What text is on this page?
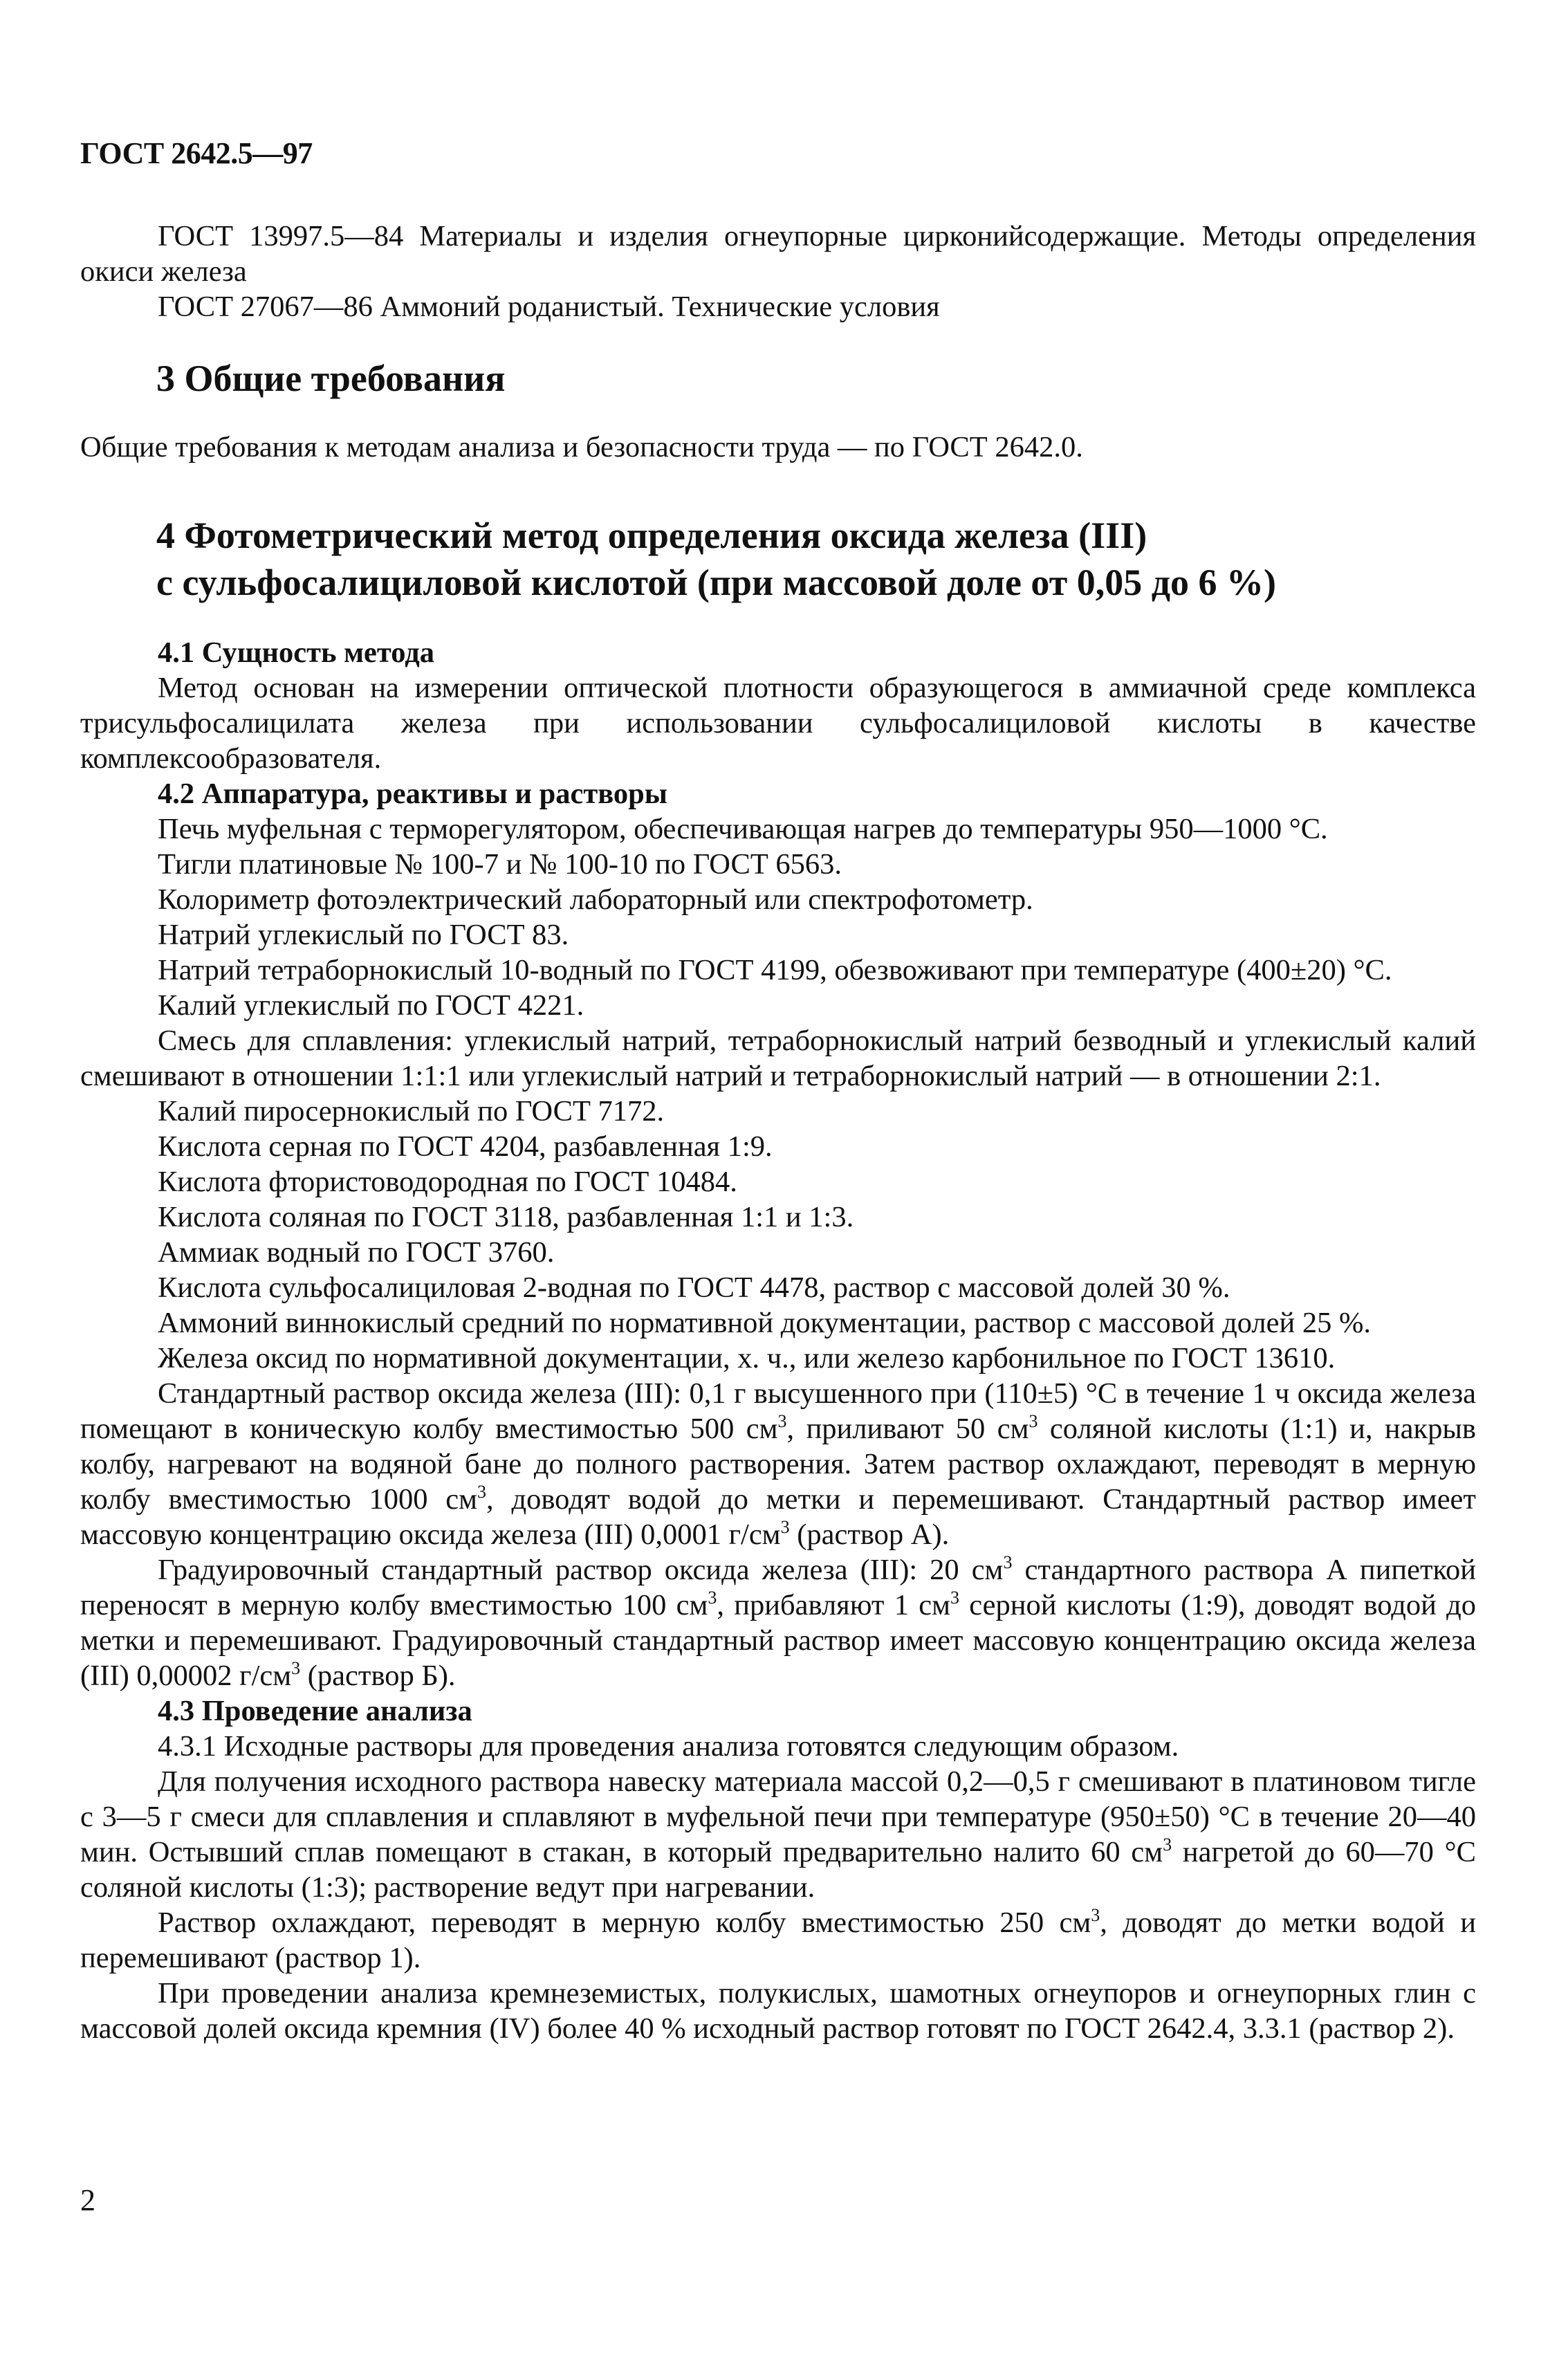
ГОСТ 2642.5—97

ГОСТ 13997.5—84 Материалы и изделия огнеупорные цирконийсодержащие. Методы определения окиси железа

ГОСТ 27067—86 Аммоний роданистый. Технические условия

3 Общие требования

Общие требования к методам анализа и безопасности труда — по ГОСТ 2642.0.

4 Фотометрический метод определения оксида железа (III)
с сульфосалициловой кислотой (при массовой доле от 0,05 до 6 %)

4.1 Сущность метода

Метод основан на измерении оптической плотности образующегося в аммиачной среде комплекса трисульфосалицилата железа при использовании сульфосалициловой кислоты в качестве комплексообразователя.

4.2 Аппаратура, реактивы и растворы

Печь муфельная с терморегулятором, обеспечивающая нагрев до температуры 950—1000 °С.

Тигли платиновые № 100-7 и № 100-10 по ГОСТ 6563.

Колориметр фотоэлектрический лабораторный или спектрофотометр.

Натрий углекислый по ГОСТ 83.

Натрий тетраборнокислый 10-водный по ГОСТ 4199, обезвоживают при температуре (400±20) °С.

Калий углекислый по ГОСТ 4221.

Смесь для сплавления: углекислый натрий, тетраборнокислый натрий безводный и углекислый калий смешивают в отношении 1:1:1 или углекислый натрий и тетраборнокислый натрий — в отношении 2:1.

Калий пиросернокислый по ГОСТ 7172.

Кислота серная по ГОСТ 4204, разбавленная 1:9.

Кислота фтористоводородная по ГОСТ 10484.

Кислота соляная по ГОСТ 3118, разбавленная 1:1 и 1:3.

Аммиак водный по ГОСТ 3760.

Кислота сульфосалициловая 2-водная по ГОСТ 4478, раствор с массовой долей 30 %.

Аммоний виннокислый средний по нормативной документации, раствор с массовой долей 25 %.

Железа оксид по нормативной документации, х. ч., или железо карбонильное по ГОСТ 13610.

Стандартный раствор оксида железа (III): 0,1 г высушенного при (110±5) °С в течение 1 ч оксида железа помещают в коническую колбу вместимостью 500 $см^3$, приливают 50 $см^3$ соляной кислоты (1:1) и, накрыв колбу, нагревают на водяной бане до полного растворения. Затем раствор охлаждают, переводят в мерную колбу вместимостью 1000 $см^3$, доводят водой до метки и перемешивают. Стандартный раствор имеет массовую концентрацию оксида железа (III) 0,0001 $г/см^3$ (раствор А).

Градуировочный стандартный раствор оксида железа (III): 20 $см^3$ стандартного раствора А пипеткой переносят в мерную колбу вместимостью 100 $см^3$, прибавляют 1 $см^3$ серной кислоты (1:9), доводят водой до метки и перемешивают. Градуировочный стандартный раствор имеет массовую концентрацию оксида железа (III) 0,00002 $г/см^3$ (раствор Б).

4.3 Проведение анализа

4.3.1 Исходные растворы для проведения анализа готовятся следующим образом.

Для получения исходного раствора навеску материала массой 0,2—0,5 г смешивают в платиновом тигле с 3—5 г смеси для сплавления и сплавляют в муфельной печи при температуре (950±50) °С в течение 20—40 мин. Остывший сплав помещают в стакан, в который предварительно налито 60 $см^3$ нагретой до 60—70 °С соляной кислоты (1:3); растворение ведут при нагревании.

Раствор охлаждают, переводят в мерную колбу вместимостью 250 $см^3$, доводят до метки водой и перемешивают (раствор 1).

При проведении анализа кремнеземистых, полукислых, шамотных огнеупоров и огнеупорных глин с массовой долей оксида кремния (IV) более 40 % исходный раствор готовят по ГОСТ 2642.4, 3.3.1 (раствор 2).

2
